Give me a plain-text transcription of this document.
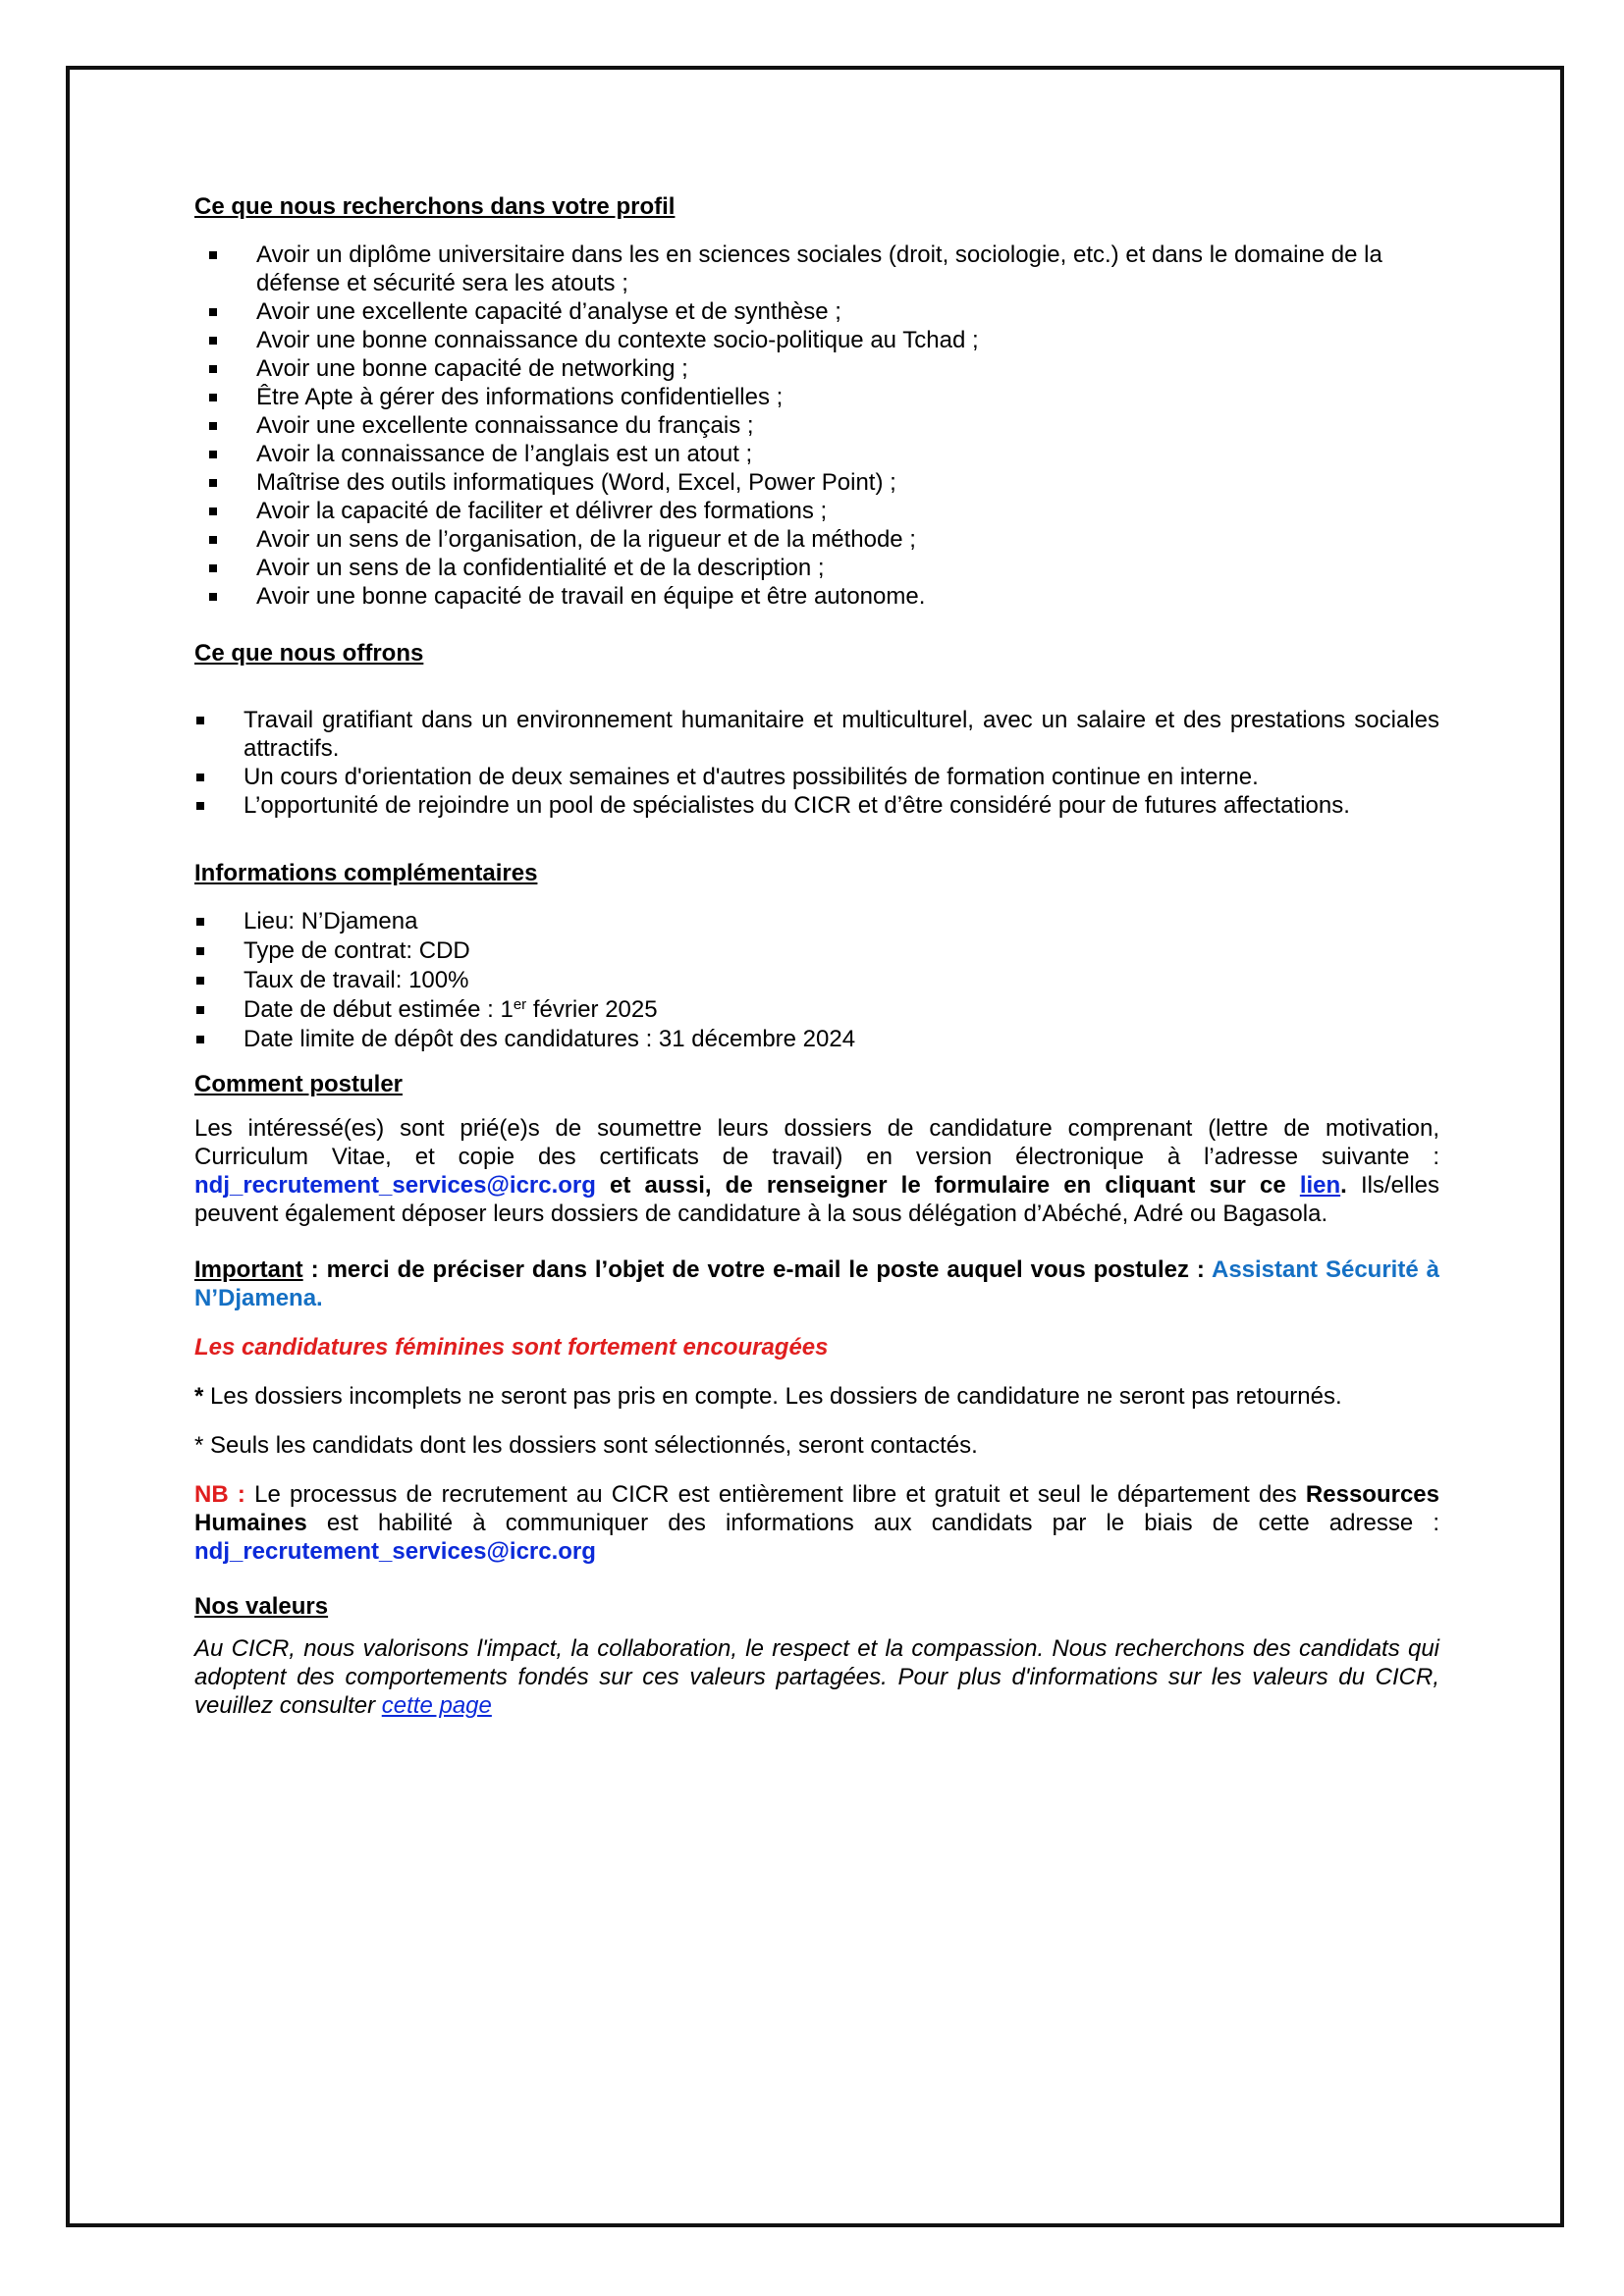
Ce que nous recherchons dans votre profil
Avoir un diplôme universitaire dans les en sciences sociales (droit, sociologie, etc.) et dans le domaine de la défense et sécurité sera les atouts ;
Avoir une excellente capacité d’analyse et de synthèse ;
Avoir une bonne connaissance du contexte socio-politique au Tchad ;
Avoir une bonne capacité de networking ;
Être Apte à gérer des informations confidentielles ;
Avoir une excellente connaissance du français ;
Avoir la connaissance de l’anglais est un atout ;
Maîtrise des outils informatiques (Word, Excel, Power Point) ;
Avoir la capacité de faciliter et délivrer des formations ;
Avoir un sens de l’organisation, de la rigueur et de la méthode ;
Avoir un sens de la confidentialité et de la description ;
Avoir une bonne capacité de travail en équipe et être autonome.
Ce que nous offrons
Travail gratifiant dans un environnement humanitaire et multiculturel, avec un salaire et des prestations sociales attractifs.
Un cours d'orientation de deux semaines et d'autres possibilités de formation continue en interne.
L’opportunité de rejoindre un pool de spécialistes du CICR et d’être considéré pour de futures affectations.
Informations complémentaires
Lieu: N’Djamena
Type de contrat: CDD
Taux de travail: 100%
Date de début estimée : 1er février 2025
Date limite de dépôt des candidatures : 31 décembre 2024
Comment postuler

Les intéressé(es) sont prié(e)s de soumettre leurs dossiers de candidature comprenant (lettre de motivation, Curriculum Vitae, et copie des certificats de travail) en version électronique à l’adresse suivante : ndj_recrutement_services@icrc.org et aussi, de renseigner le formulaire en cliquant sur ce lien. Ils/elles peuvent également déposer leurs dossiers de candidature à la sous délégation d’Abéché, Adré ou Bagasola.

Important : merci de préciser dans l’objet de votre e-mail le poste auquel vous postulez : Assistant Sécurité à N’Djamena.

Les candidatures féminines sont fortement encouragées

* Les dossiers incomplets ne seront pas pris en compte. Les dossiers de candidature ne seront pas retournés.

* Seuls les candidats dont les dossiers sont sélectionnés, seront contactés.

NB : Le processus de recrutement au CICR est entièrement libre et gratuit et seul le département des Ressources Humaines est habilité à communiquer des informations aux candidats par le biais de cette adresse : ndj_recrutement_services@icrc.org

Nos valeurs

Au CICR, nous valorisons l'impact, la collaboration, le respect et la compassion. Nous recherchons des candidats qui adoptent des comportements fondés sur ces valeurs partagées. Pour plus d'informations sur les valeurs du CICR, veuillez consulter cette page
